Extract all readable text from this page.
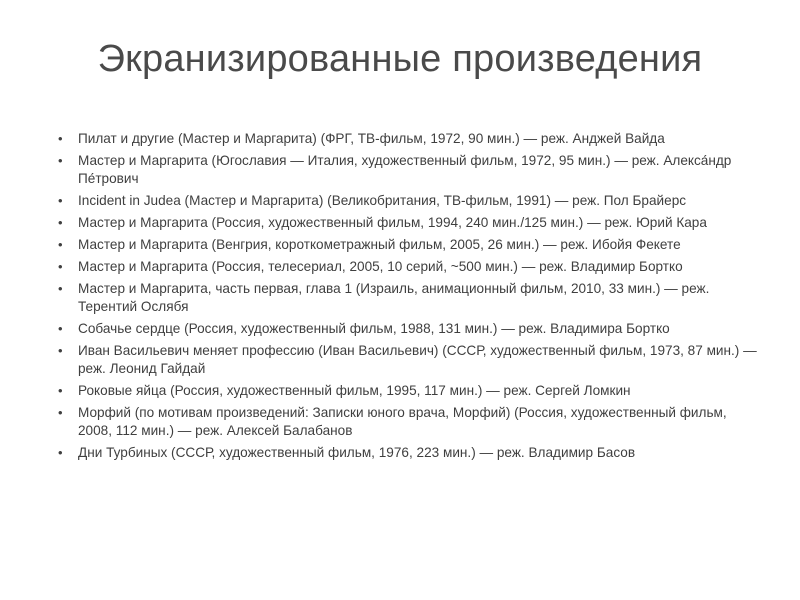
Экранизированные произведения
• Пилат и другие (Мастер и Маргарита) (ФРГ, ТВ-фильм, 1972, 90 мин.) — реж. Анджей Вайда
• Мастер и Маргарита (Югославия — Италия, художественный фильм, 1972, 95 мин.) — реж. Алекса́ндр Пе́трович
• Incident in Judea (Мастер и Маргарита) (Великобритания, ТВ-фильм, 1991) — реж. Пол Брайерс
• Мастер и Маргарита (Россия, художественный фильм, 1994, 240 мин./125 мин.) — реж. Юрий Кара
• Мастер и Маргарита (Венгрия, короткометражный фильм, 2005, 26 мин.) — реж. Ибойя Фекете
• Мастер и Маргарита (Россия, телесериал, 2005, 10 серий, ~500 мин.) — реж. Владимир Бортко
• Мастер и Маргарита, часть первая, глава 1 (Израиль, анимационный фильм, 2010, 33 мин.) — реж. Терентий Ослябя
• Собачье сердце (Россия, художественный фильм, 1988, 131 мин.) — реж. Владимира Бортко
• Иван Васильевич меняет профессию (Иван Васильевич) (СССР, художественный фильм, 1973, 87 мин.) — реж. Леонид Гайдай
• Роковые яйца (Россия, художественный фильм, 1995, 117 мин.) — реж. Сергей Ломкин
• Морфий (по мотивам произведений: Записки юного врача, Морфий) (Россия, художественный фильм, 2008, 112 мин.) — реж. Алексей Балабанов
• Дни Турбиных (СССР, художественный фильм, 1976, 223 мин.) — реж. Владимир Басов
